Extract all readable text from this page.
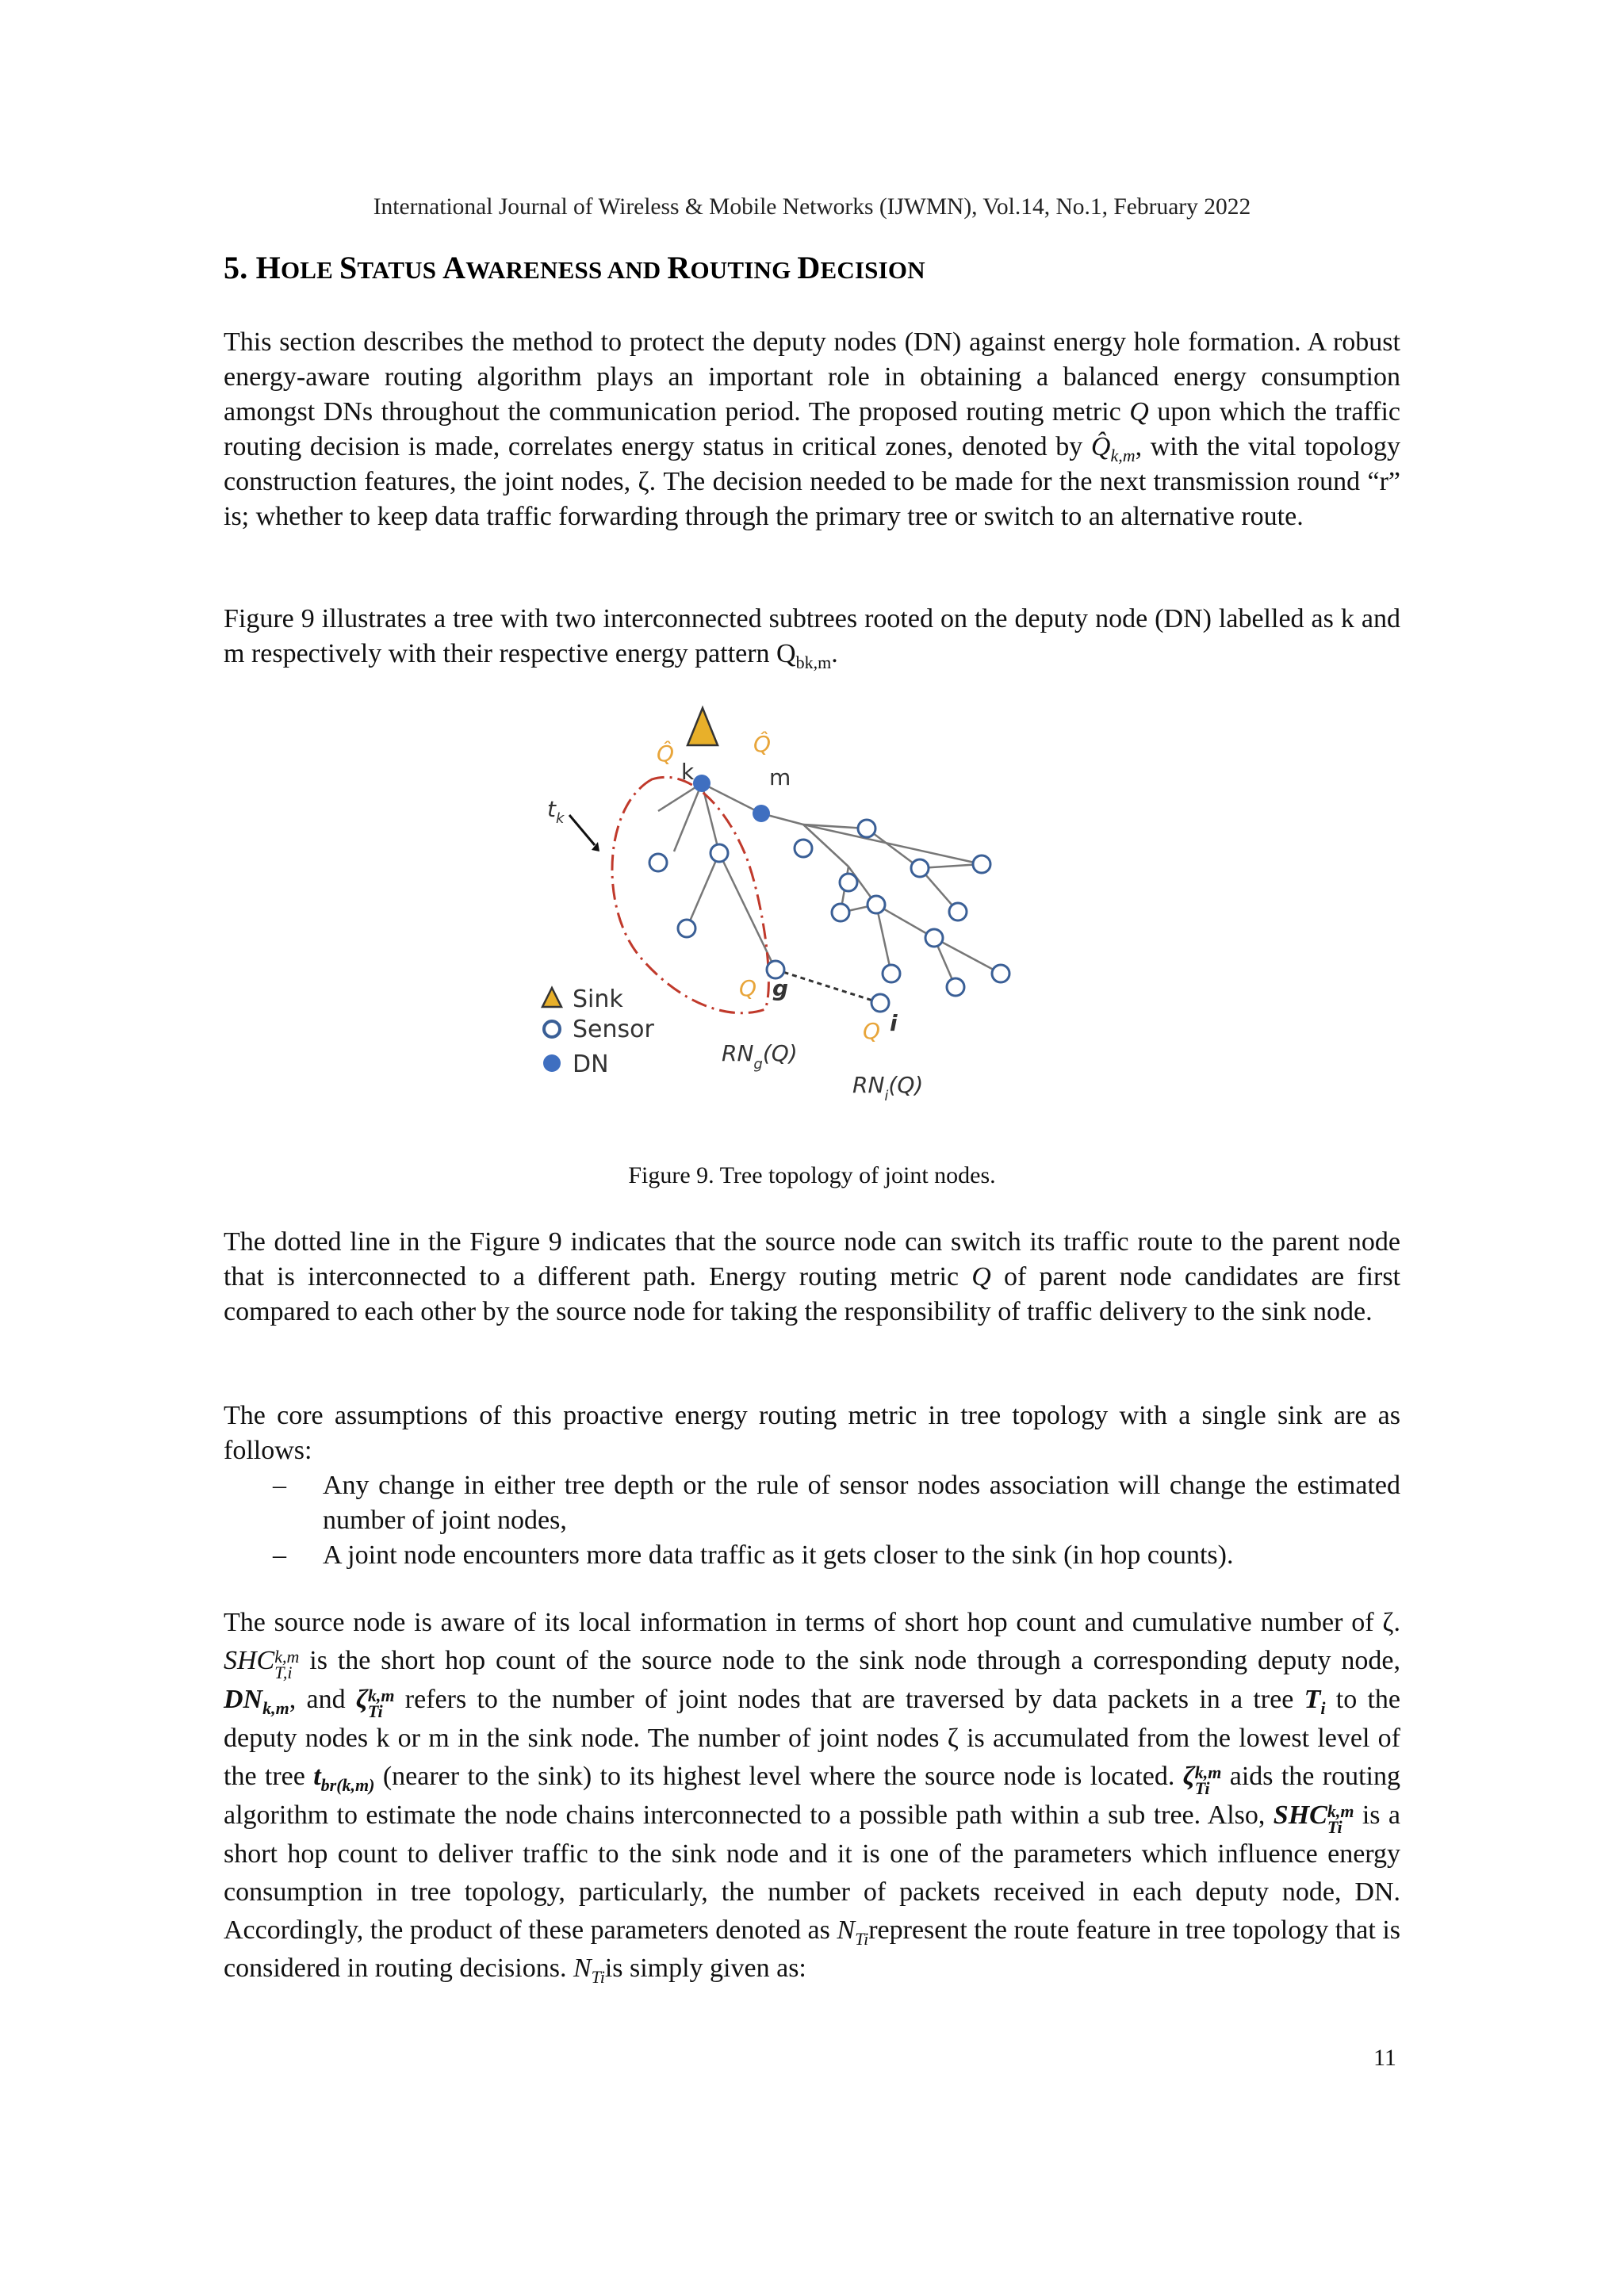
International Journal of Wireless & Mobile Networks (IJWMN), Vol.14, No.1, February 2022
5. HOLE STATUS AWARENESS AND ROUTING DECISION

This section describes the method to protect the deputy nodes (DN) against energy hole formation. A robust energy-aware routing algorithm plays an important role in obtaining a balanced energy consumption amongst DNs throughout the communication period. The proposed routing metric Q upon which the traffic routing decision is made, correlates energy status in critical zones, denoted by $Q̂_{k,m}$, with the vital topology construction features, the joint nodes, ζ. The decision needed to be made for the next transmission round “r” is; whether to keep data traffic forwarding through the primary tree or switch to an alternative route.

Figure 9 illustrates a tree with two interconnected subtrees rooted on the deputy node (DN) labelled as k and m respectively with their respective energy pattern $Q_{bk,m}$.

k	m
Q̂	Q̂
$t_k$
Q g
Q i
$RN_g(Q)$
$RN_i(Q)$
Sink
Sensor
DN

Figure 9. Tree topology of joint nodes.

The dotted line in the Figure 9 indicates that the source node can switch its traffic route to the parent node that is interconnected to a different path. Energy routing metric Q of parent node candidates are first compared to each other by the source node for taking the responsibility of traffic delivery to the sink node.

The core assumptions of this proactive energy routing metric in tree topology with a single sink are as follows:

– Any change in either tree depth or the rule of sensor nodes association will change the estimated number of joint nodes,
– A joint node encounters more data traffic as it gets closer to the sink (in hop counts).

The source node is aware of its local information in terms of short hop count and cumulative number of ζ. SHC k,m
T,i is the short hop count of the source node to the sink node through a corresponding deputy node, $DN_{k,m}$, and ζ k,m
Ti refers to the number of joint nodes that are traversed by data packets in a tree $T_i$ to the deputy nodes k or m in the sink node. The number of joint nodes ζ is accumulated from the lowest level of the tree $t_{br(k,m)}$ (nearer to the sink) to its highest level where the source node is located. ζ k,m
Ti aids the routing algorithm to estimate the node chains interconnected to a possible path within a sub tree. Also, SHC k,m
Ti is a short hop count to deliver traffic to the sink node and it is one of the parameters which influence energy consumption in tree topology, particularly, the number of packets received in each deputy node, DN. Accordingly, the product of these parameters denoted as $N_{Ti}represent$ the route feature in tree topology that is considered in routing decisions. $N_{Ti}is$ simply given as:

11
